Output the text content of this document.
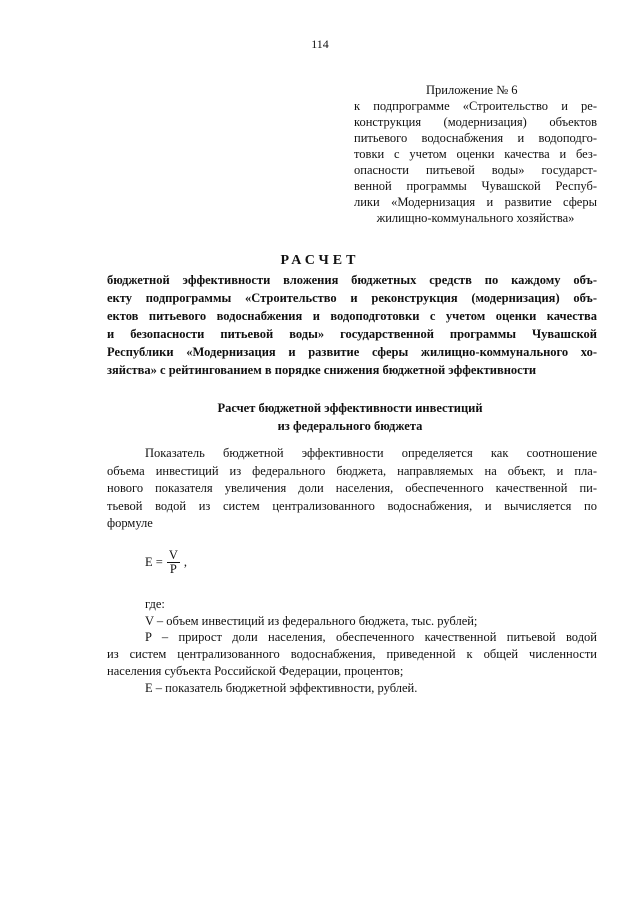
114
Приложение № 6
к подпрограмме «Строительство и ре-
конструкция (модернизация) объектов
питьевого водоснабжения и водоподго-
товки с учетом оценки качества и без-
опасности питьевой воды» государст-
венной программы Чувашской Респуб-
лики «Модернизация и развитие сферы
жилищно-коммунального хозяйства»
РАСЧЕТ
бюджетной эффективности вложения бюджетных средств по каждому объ-
екту подпрограммы «Строительство и реконструкция (модернизация) объ-
ектов питьевого водоснабжения и водоподготовки с учетом оценки качества
и безопасности питьевой воды» государственной программы Чувашской
Республики «Модернизация и развитие сферы жилищно-коммунального хо-
зяйства» с рейтингованием в порядке снижения бюджетной эффективности
Расчет бюджетной эффективности инвестиций
из федерального бюджета
Показатель бюджетной эффективности определяется как соотношение
объема инвестиций из федерального бюджета, направляемых на объект, и пла-
нового показателя увеличения доли населения, обеспеченного качественной пи-
тьевой водой из систем централизованного водоснабжения, и вычисляется по
формуле
$E = \frac{V}{P}$ ,
где:
V – объем инвестиций из федерального бюджета, тыс. рублей;
P – прирост доли населения, обеспеченного качественной питьевой водой
из систем централизованного водоснабжения, приведенной к общей численности
населения субъекта Российской Федерации, процентов;
E – показатель бюджетной эффективности, рублей.
